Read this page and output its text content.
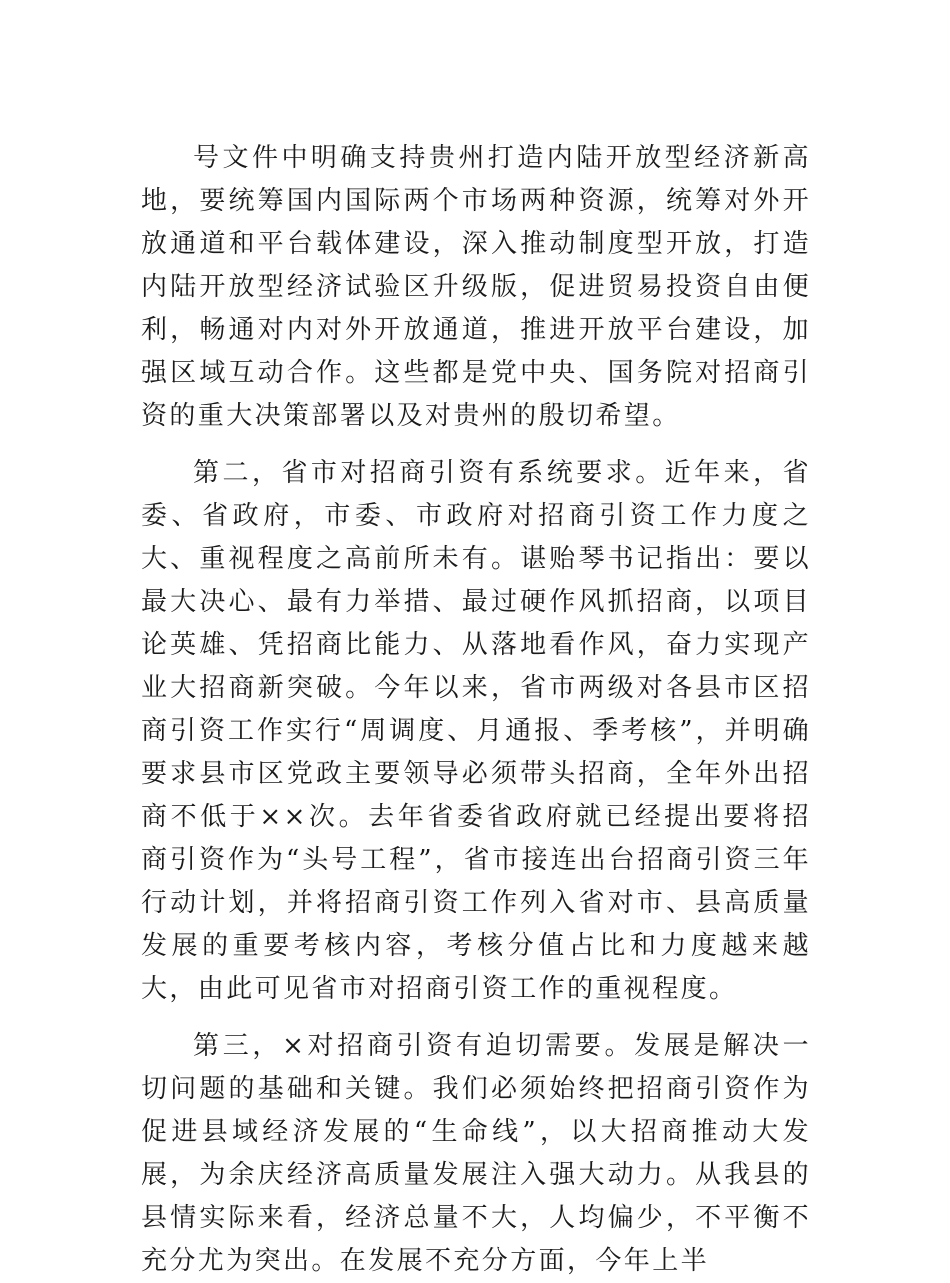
号文件中明确支持贵州打造内陆开放型经济新高地，要统筹国内国际两个市场两种资源，统筹对外开放通道和平台载体建设，深入推动制度型开放，打造内陆开放型经济试验区升级版，促进贸易投资自由便利，畅通对内对外开放通道，推进开放平台建设，加强区域互动合作。这些都是党中央、国务院对招商引资的重大决策部署以及对贵州的殷切希望。

第二，省市对招商引资有系统要求。近年来，省委、省政府，市委、市政府对招商引资工作力度之大、重视程度之高前所未有。谌贻琴书记指出：要以最大决心、最有力举措、最过硬作风抓招商，以项目论英雄、凭招商比能力、从落地看作风，奋力实现产业大招商新突破。今年以来，省市两级对各县市区招商引资工作实行“周调度、月通报、季考核”，并明确要求县市区党政主要领导必须带头招商，全年外出招商不低于××次。去年省委省政府就已经提出要将招商引资作为“头号工程”，省市接连出台招商引资三年行动计划，并将招商引资工作列入省对市、县高质量发展的重要考核内容，考核分值占比和力度越来越大，由此可见省市对招商引资工作的重视程度。

第三，×对招商引资有迫切需要。发展是解决一切问题的基础和关键。我们必须始终把招商引资作为促进县域经济发展的“生命线”，以大招商推动大发展，为余庆经济高质量发展注入强大动力。从我县的县情实际来看，经济总量不大，人均偏少，不平衡不充分尤为突出。在发展不充分方面，今年上半
